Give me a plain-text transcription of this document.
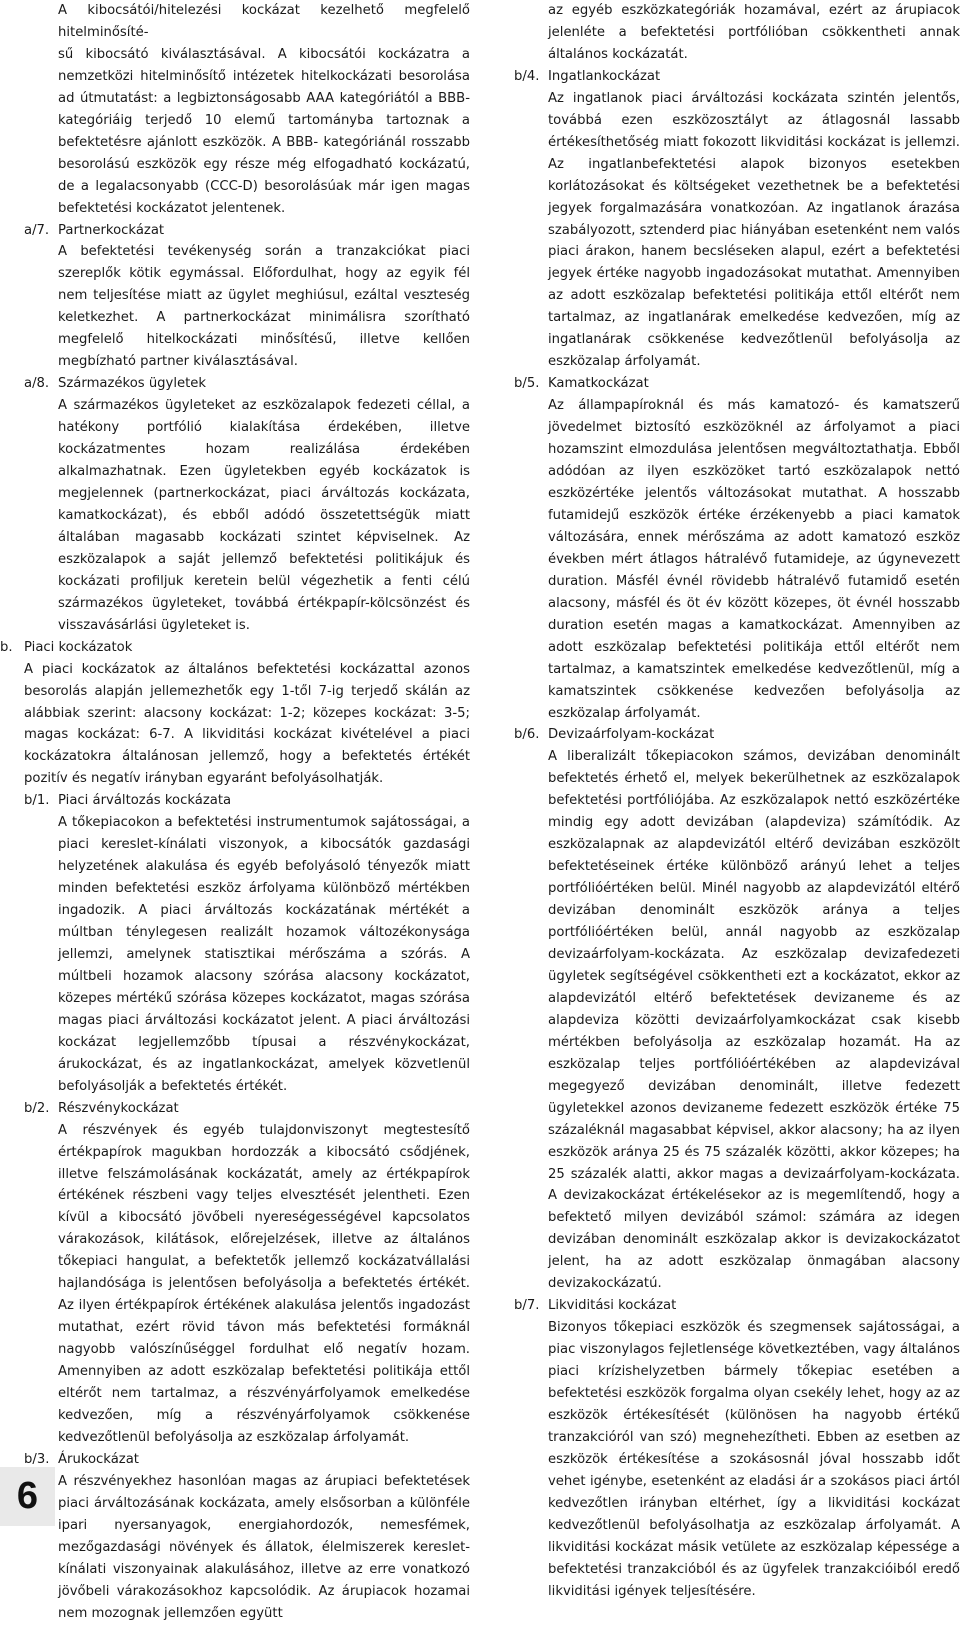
A kibocsátói/hitelezési kockázat kezelhető megfelelő hitelminősíté-

sű kibocsátó kiválasztásával. A kibocsátói kockázatra a nemzetközi hitelminősítő intézetek hitelkockázati besorolása ad útmutatást: a legbiztonságosabb AAA kategóriától a BBB- kategóriáig terjedő 10 elemű tartományba tartoznak a befektetésre ajánlott eszközök. A BBB- kategóriánál rosszabb besorolású eszközök egy része még elfogadható kockázatú, de a legalacsonyabb (CCC-D) besorolásúak már igen magas befektetési kockázatot jelentenek.

a/7. Partnerkockázat

A befektetési tevékenység során a tranzakciókat piaci szereplők kötik egymással. Előfordulhat, hogy az egyik fél nem teljesítése miatt az ügylet meghiúsul, ezáltal veszteség keletkezhet. A partnerkockázat minimálisra szorítható megfelelő hitelkockázati minősítésű, illetve kellően megbízható partner kiválasztásával.

a/8. Származékos ügyletek

A származékos ügyleteket az eszközalapok fedezeti céllal, a hatékony portfólió kialakítása érdekében, illetve kockázatmentes hozam realizálása érdekében alkalmazhatnak. Ezen ügyletekben egyéb kockázatok is megjelennek (partnerkockázat, piaci árváltozás kockázata, kamatkockázat), és ebből adódó összetettségük miatt általában magasabb kockázati szintet képviselnek. Az eszközalapok a saját jellemző befektetési politikájuk és kockázati profiljuk keretein belül végezhetik a fenti célú származékos ügyleteket, továbbá értékpapír-kölcsönzést és visszavásárlási ügyleteket is.

b. Piaci kockázatok

A piaci kockázatok az általános befektetési kockázattal azonos besorolás alapján jellemezhetők egy 1-től 7-ig terjedő skálán az alábbiak szerint: alacsony kockázat: 1-2; közepes kockázat: 3-5; magas kockázat: 6-7. A likviditási kockázat kivételével a piaci kockázatokra általánosan jellemző, hogy a befektetés értékét pozitív és negatív irányban egyaránt befolyásolhatják.

b/1. Piaci árváltozás kockázata

A tőkepiacokon a befektetési instrumentumok sajátosságai, a piaci kereslet-kínálati viszonyok, a kibocsátók gazdasági helyzetének alakulása és egyéb befolyásoló tényezők miatt minden befektetési eszköz árfolyama különböző mértékben ingadozik. A piaci árváltozás kockázatának mértékét a múltban ténylegesen realizált hozamok változékonysága jellemzi, amelynek statisztikai mérőszáma a szórás. A múltbeli hozamok alacsony szórása alacsony kockázatot, közepes mértékű szórása közepes kockázatot, magas szórása magas piaci árváltozási kockázatot jelent. A piaci árváltozási kockázat legjellemzőbb típusai a részvénykockázat, árukockázat, és az ingatlankockázat, amelyek közvetlenül befolyásolják a befektetés értékét.

b/2. Részvénykockázat

A részvények és egyéb tulajdonviszonyt megtestesítő értékpapírok magukban hordozzák a kibocsátó csődjének, illetve felszámolásának kockázatát, amely az értékpapírok értékének részbeni vagy teljes elvesztését jelentheti. Ezen kívül a kibocsátó jövőbeli nyereségességével kapcsolatos várakozások, kilátások, előrejelzések, illetve az általános tőkepiaci hangulat, a befektetők jellemző kockázatvállalási hajlandósága is jelentősen befolyásolja a befektetés értékét. Az ilyen értékpapírok értékének alakulása jelentős ingadozást mutathat, ezért rövid távon más befektetési formáknál nagyobb valószínűséggel fordulhat elő negatív hozam. Amennyiben az adott eszközalap befektetési politikája ettől eltérőt nem tartalmaz, a részvényárfolyamok emelkedése kedvezően, míg a részvényárfolyamok csökkenése kedvezőtlenül befolyásolja az eszközalap árfolyamát.

b/3. Árukockázat

A részvényekhez hasonlóan magas az árupiaci befektetések piaci árváltozásának kockázata, amely elsősorban a különféle ipari nyersanyagok, energiahordozók, nemesfémek, mezőgazdasági növények és állatok, élelmiszerek kereslet-kínálati viszonyainak alakulásához, illetve az erre vonatkozó jövőbeli várakozásokhoz kapcsolódik. Az árupiacok hozamai nem mozognak jellemzően együtt

az egyéb eszközkategóriák hozamával, ezért az árupiacok jelenléte a befektetési portfólióban csökkentheti annak általános kockázatát.

b/4. Ingatlankockázat

Az ingatlanok piaci árváltozási kockázata szintén jelentős, továbbá ezen eszközosztályt az átlagosnál lassabb értékesíthetőség miatt fokozott likviditási kockázat is jellemzi. Az ingatlanbefektetési alapok bizonyos esetekben korlátozásokat és költségeket vezethetnek be a befektetési jegyek forgalmazására vonatkozóan. Az ingatlanok árazása szabályozott, sztenderd piac hiányában esetenként nem valós piaci árakon, hanem becsléseken alapul, ezért a befektetési jegyek értéke nagyobb ingadozásokat mutathat. Amennyiben az adott eszközalap befektetési politikája ettől eltérőt nem tartalmaz, az ingatlanárak emelkedése kedvezően, míg az ingatlanárak csökkenése kedvezőtlenül befolyásolja az eszközalap árfolyamát.

b/5. Kamatkockázat

Az állampapíroknál és más kamatozó- és kamatszerű jövedelmet biztosító eszközöknél az árfolyamot a piaci hozamszint elmozdulása jelentősen megváltoztathatja. Ebből adódóan az ilyen eszközöket tartó eszközalapok nettó eszközértéke jelentős változásokat mutathat. A hosszabb futamidejű eszközök értéke érzékenyebb a piaci kamatok változására, ennek mérőszáma az adott kamatozó eszköz években mért átlagos hátralévő futamideje, az úgynevezett duration. Másfél évnél rövidebb hátralévő futamidő esetén alacsony, másfél és öt év között közepes, öt évnél hosszabb duration esetén magas a kamatkockázat. Amennyiben az adott eszközalap befektetési politikája ettől eltérőt nem tartalmaz, a kamatszintek emelkedése kedvezőtlenül, míg a kamatszintek csökkenése kedvezően befolyásolja az eszközalap árfolyamát.

b/6. Devizaárfolyam-kockázat

A liberalizált tőkepiacokon számos, devizában denominált befektetés érhető el, melyek bekerülhetnek az eszközalapok befektetési portfóliójába. Az eszközalapok nettó eszközértéke mindig egy adott devizában (alapdeviza) számítódik. Az eszközalapnak az alapdevizától eltérő devizában eszközölt befektetéseinek értéke különböző arányú lehet a teljes portfólióértéken belül. Minél nagyobb az alapdevizától eltérő devizában denominált eszközök aránya a teljes portfólióértéken belül, annál nagyobb az eszközalap devizaárfolyam-kockázata. Az eszközalap devizafedezeti ügyletek segítségével csökkentheti ezt a kockázatot, ekkor az alapdevizától eltérő befektetések devizaneme és az alapdeviza közötti devizaárfolyamkockázat csak kisebb mértékben befolyásolja az eszközalap hozamát. Ha az eszközalap teljes portfólióértékében az alapdevizával megegyező devizában denominált, illetve fedezett ügyletekkel azonos devizaneme fedezett eszközök értéke 75 százaléknál magasabbat képvisel, akkor alacsony; ha az ilyen eszközök aránya 25 és 75 százalék közötti, akkor közepes; ha 25 százalék alatti, akkor magas a devizaárfolyam-kockázata. A devizakockázat értékelésekor az is megemlítendő, hogy a befektető milyen devizából számol: számára az idegen devizában denominált eszközalap akkor is devizakockázatot jelent, ha az adott eszközalap önmagában alacsony devizakockázatú.

b/7. Likviditási kockázat

Bizonyos tőkepiaci eszközök és szegmensek sajátosságai, a piac viszonylagos fejletlensége következtében, vagy általános piaci krízishelyzetben bármely tőkepiac esetében a befektetési eszközök forgalma olyan csekély lehet, hogy az az eszközök értékesítését (különösen ha nagyobb értékű tranzakcióról van szó) megnehezítheti. Ebben az esetben az eszközök értékesítése a szokásosnál jóval hosszabb időt vehet igénybe, esetenként az eladási ár a szokásos piaci ártól kedvezőtlen irányban eltérhet, így a likviditási kockázat kedvezőtlenül befolyásolhatja az eszközalap árfolyamát. A likviditási kockázat másik vetülete az eszközalap képessége a befektetési tranzakcióból és az ügyfelek tranzakcióiból eredő likviditási igények teljesítésére.

6
